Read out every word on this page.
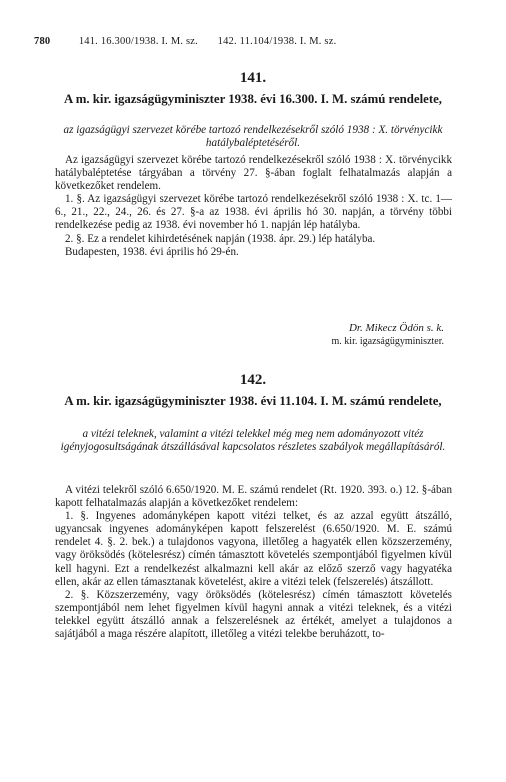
780	141. 16.300/1938. I. M. sz. 142. 11.104/1938. I. M. sz.
141.
A m. kir. igazságügyminiszter 1938. évi 16.300. I. M. számú rendelete,
az igazságügyi szervezet körébe tartozó rendelkezésekről szóló 1938 : X. törvénycikk hatálybaléptetéséről.

Az igazságügyi szervezet körébe tartozó rendelkezésekről szóló 1938 : X. törvénycikk hatálybaléptetése tárgyában a törvény 27. §-ában foglalt felhatalmazás alapján a következőket rendelem.

1. §. Az igazságügyi szervezet körébe tartozó rendelkezésekről szóló 1938 : X. tc. 1—6., 21., 22., 24., 26. és 27. §-a az 1938. évi április hó 30. napján, a törvény többi rendelkezése pedig az 1938. évi november hó 1. napján lép hatályba.

2. §. Ez a rendelet kihirdetésének napján (1938. ápr. 29.) lép hatályba.

Budapesten, 1938. évi április hó 29-én.

Dr. Mikecz Ödön s. k.
m. kir. igazságügyminiszter.
142.
A m. kir. igazságügyminiszter 1938. évi 11.104. I. M. számú rendelete,
a vitézi teleknek, valamint a vitézi telekkel még meg nem adományozott vitéz igényjogosultságának átszállásával kapcsolatos részletes szabályok megállapításáról.

A vitézi telekről szóló 6.650/1920. M. E. számú rendelet (Rt. 1920. 393. o.) 12. §-ában kapott felhatalmazás alapján a következőket rendelem:

1. §. Ingyenes adományképen kapott vitézi telket, és az azzal együtt átszálló, ugyancsak ingyenes adományképen kapott felszerelést (6.650/1920. M. E. számú rendelet 4. §. 2. bek.) a tulajdonos vagyona, illetőleg a hagyaték ellen közszerzemény, vagy öröksödés (kötelesrész) címén támasztott követelés szempontjából figyelmen kívül kell hagyni. Ezt a rendelkezést alkalmazni kell akár az előző szerző vagy hagyatéka ellen, akár az ellen támasztanak követelést, akire a vitézi telek (felszerelés) átszállott.

2. §. Közszerzemény, vagy öröksödés (kötelesrész) címén támasztott követelés szempontjából nem lehet figyelmen kívül hagyni annak a vitézi teleknek, és a vitézi telekkel együtt átszálló annak a felszerelésnek az értékét, amelyet a tulajdonos a sajátjából a maga részére alapított, illetőleg a vitézi telekbe beruházott, to-
